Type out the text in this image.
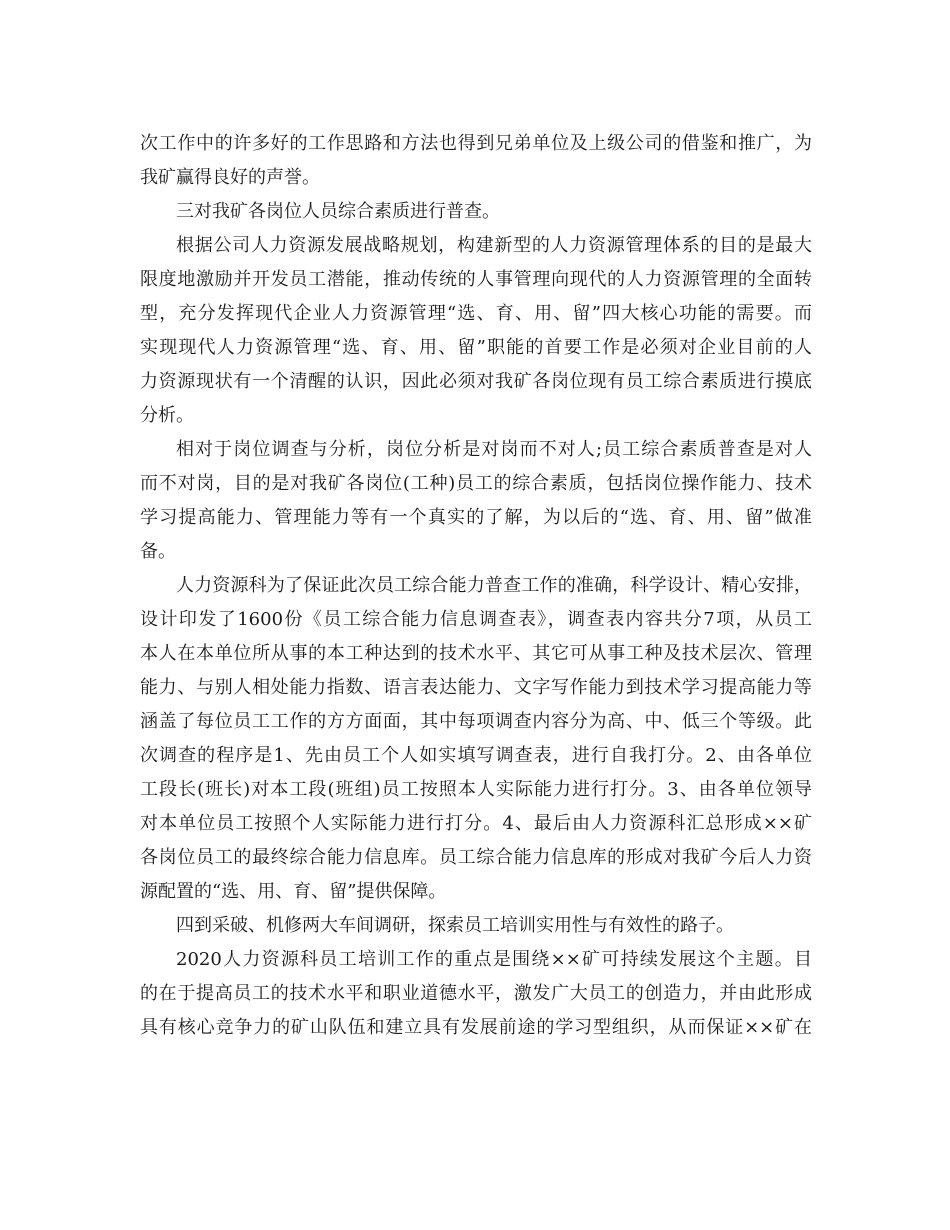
次工作中的许多好的工作思路和方法也得到兄弟单位及上级公司的借鉴和推广，为
我矿赢得良好的声誉。
三对我矿各岗位人员综合素质进行普查。
根据公司人力资源发展战略规划，构建新型的人力资源管理体系的目的是最大
限度地激励并开发员工潜能，推动传统的人事管理向现代的人力资源管理的全面转
型，充分发挥现代企业人力资源管理“选、育、用、留”四大核心功能的需要。而
实现现代人力资源管理“选、育、用、留”职能的首要工作是必须对企业目前的人
力资源现状有一个清醒的认识，因此必须对我矿各岗位现有员工综合素质进行摸底
分析。
相对于岗位调查与分析，岗位分析是对岗而不对人;员工综合素质普查是对人
而不对岗，目的是对我矿各岗位(工种)员工的综合素质，包括岗位操作能力、技术
学习提高能力、管理能力等有一个真实的了解，为以后的“选、育、用、留”做准
备。
人力资源科为了保证此次员工综合能力普查工作的准确，科学设计、精心安排，
设计印发了1600份《员工综合能力信息调查表》，调查表内容共分7项，从员工
本人在本单位所从事的本工种达到的技术水平、其它可从事工种及技术层次、管理
能力、与别人相处能力指数、语言表达能力、文字写作能力到技术学习提高能力等
涵盖了每位员工工作的方方面面，其中每项调查内容分为高、中、低三个等级。此
次调查的程序是1、先由员工个人如实填写调查表，进行自我打分。2、由各单位
工段长(班长)对本工段(班组)员工按照本人实际能力进行打分。3、由各单位领导
对本单位员工按照个人实际能力进行打分。4、最后由人力资源科汇总形成××矿
各岗位员工的最终综合能力信息库。员工综合能力信息库的形成对我矿今后人力资
源配置的“选、用、育、留”提供保障。
四到采破、机修两大车间调研，探索员工培训实用性与有效性的路子。
2020人力资源科员工培训工作的重点是围绕××矿可持续发展这个主题。目
的在于提高员工的技术水平和职业道德水平，激发广大员工的创造力，并由此形成
具有核心竞争力的矿山队伍和建立具有发展前途的学习型组织，从而保证××矿在
